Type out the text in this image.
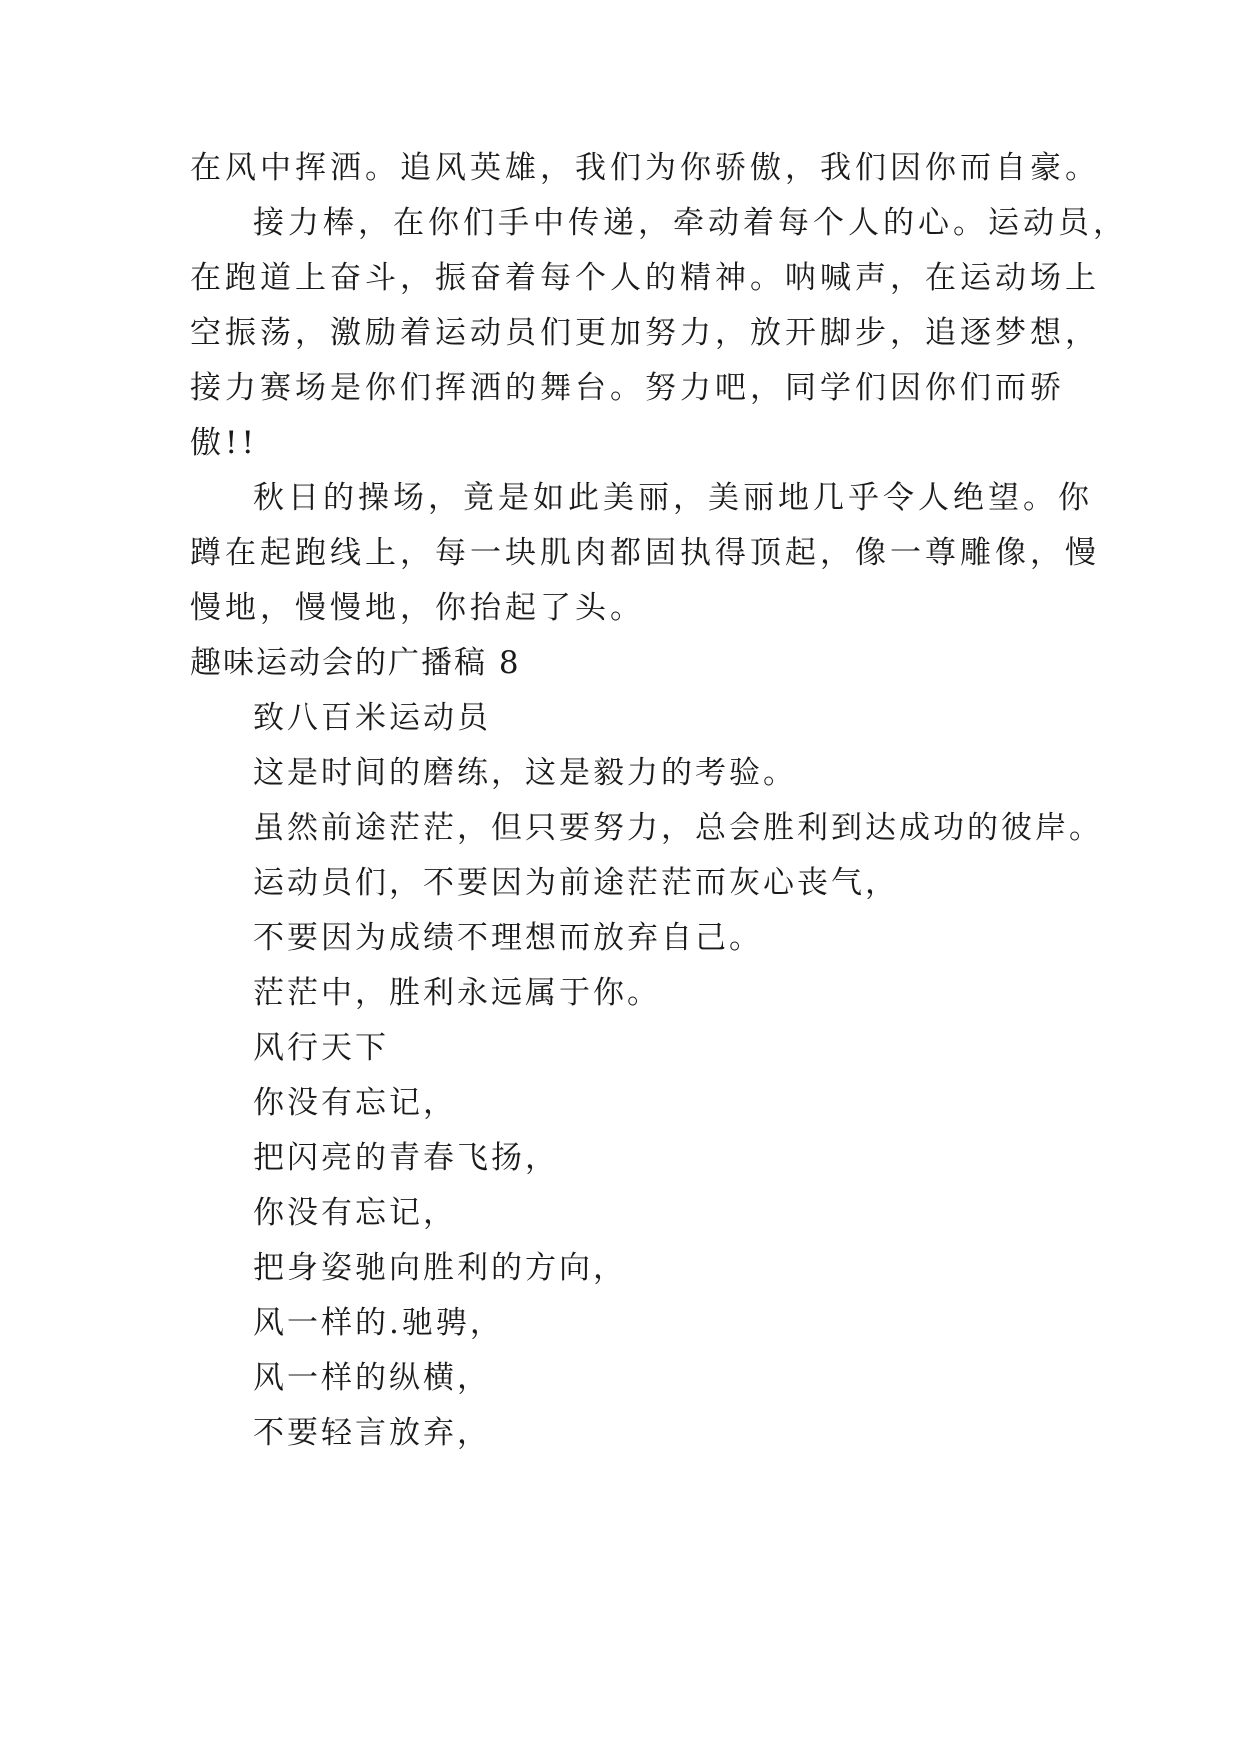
在风中挥洒。追风英雄，我们为你骄傲，我们因你而自豪。
接力棒，在你们手中传递，牵动着每个人的心。运动员，
在跑道上奋斗，振奋着每个人的精神。呐喊声，在运动场上
空振荡，激励着运动员们更加努力，放开脚步，追逐梦想，
接力赛场是你们挥洒的舞台。努力吧，同学们因你们而骄
傲!!
秋日的操场，竟是如此美丽，美丽地几乎令人绝望。你
蹲在起跑线上，每一块肌肉都固执得顶起，像一尊雕像，慢
慢地，慢慢地，你抬起了头。
趣味运动会的广播稿 8
致八百米运动员
这是时间的磨练，这是毅力的考验。
虽然前途茫茫，但只要努力，总会胜利到达成功的彼岸。
运动员们，不要因为前途茫茫而灰心丧气，
不要因为成绩不理想而放弃自己。
茫茫中，胜利永远属于你。
风行天下
你没有忘记，
把闪亮的青春飞扬，
你没有忘记，
把身姿驰向胜利的方向，
风一样的.驰骋，
风一样的纵横，
不要轻言放弃，
